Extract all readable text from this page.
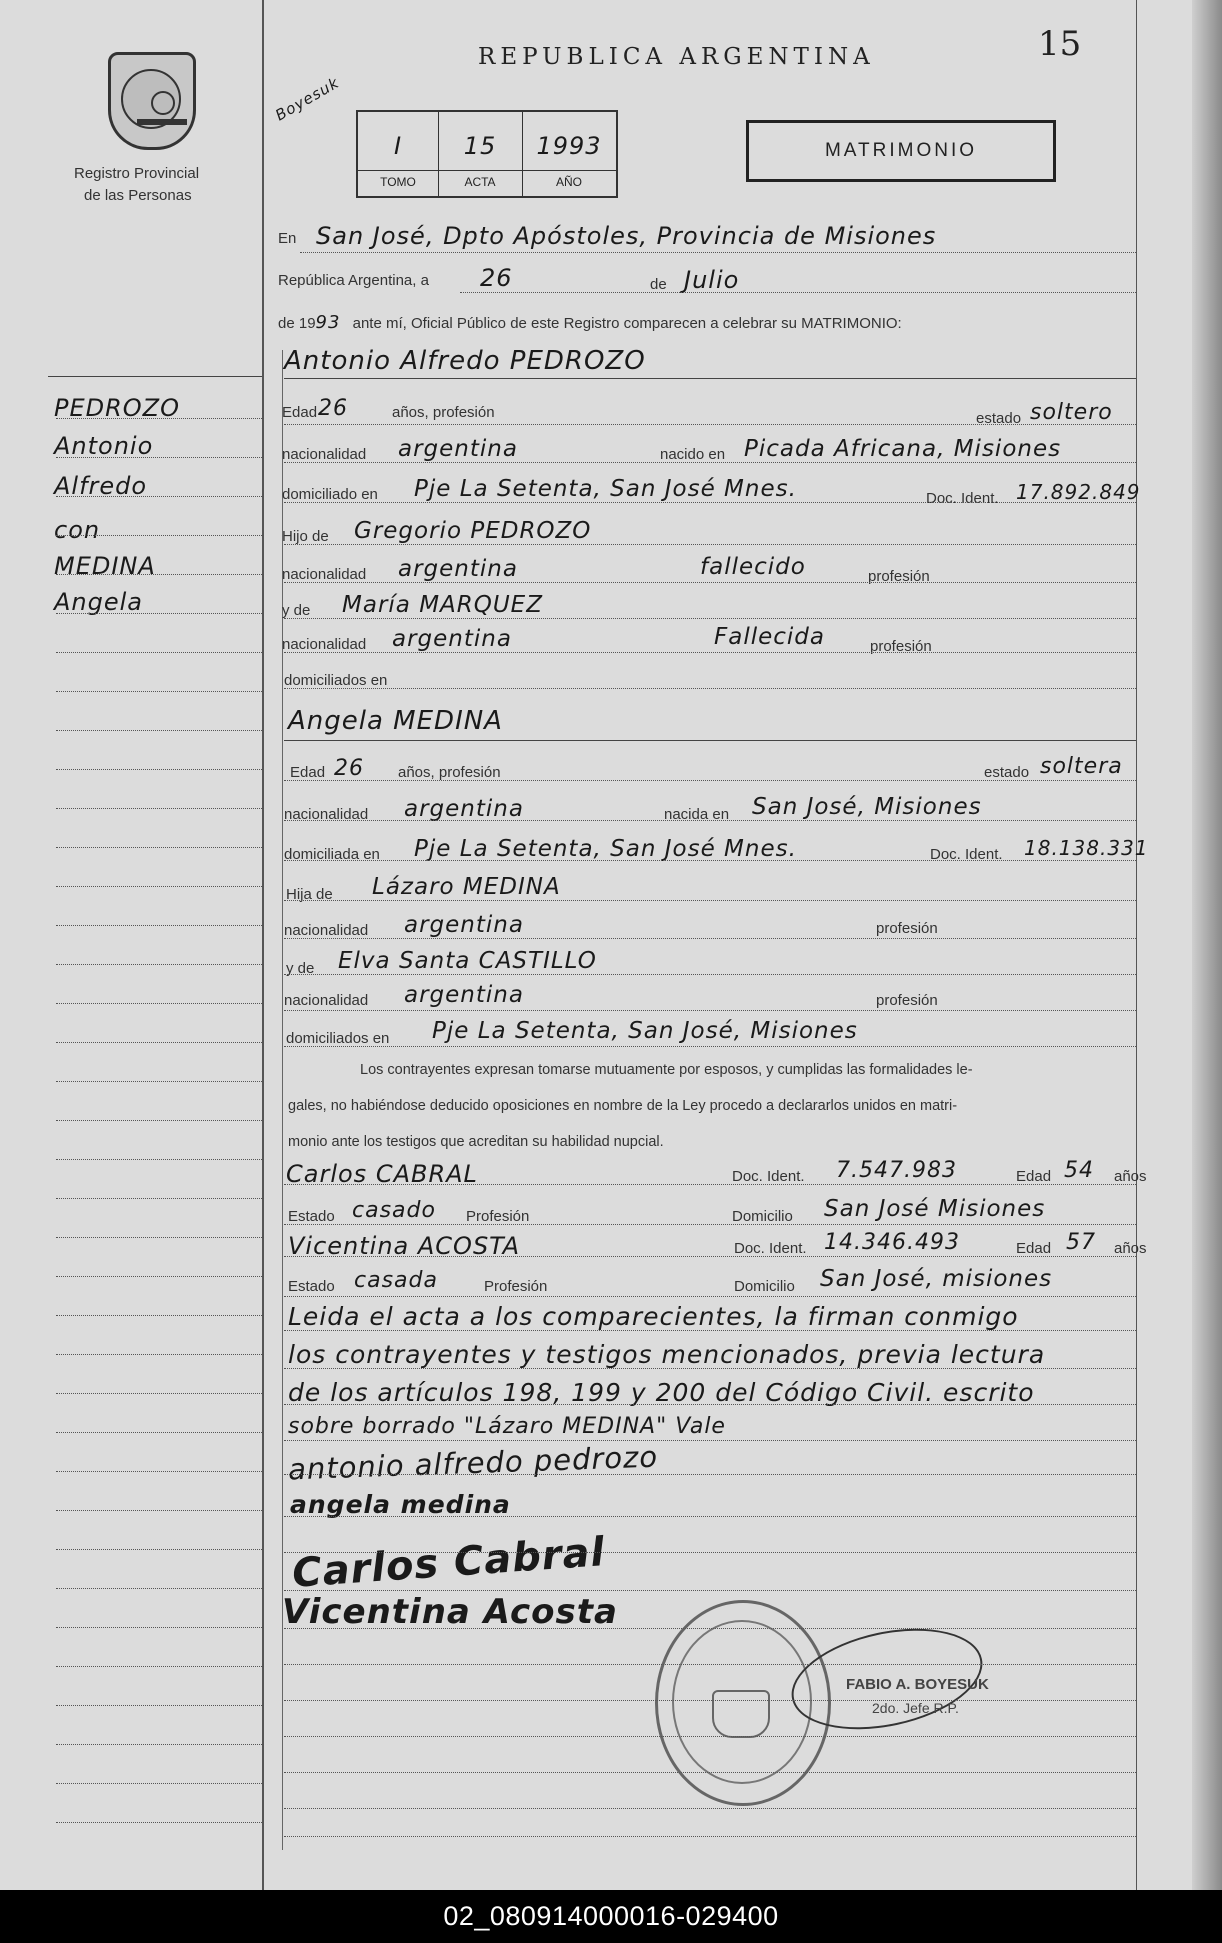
15
Registro Provincial
de las Personas
REPUBLICA ARGENTINA
Boyesuk
I
TOMO
15
ACTA
1993
AÑO
MATRIMONIO
En San José, Dpto Apóstoles, Provincia de Misiones
República Argentina, a 26	de Julio
de 1993 ante mí, Oficial Público de este Registro comparecen a celebrar su MATRIMONIO:
PEDROZO
Antonio
Alfredo
con
MEDINA
Angela
Antonio Alfredo PEDROZO
Edad 26	años, profesión	estado soltero
nacionalidad argentina	nacido en Picada Africana, Misiones
domiciliado en Pje La Setenta, San José Mnes.	Doc. Ident. 17.892.849
Hijo de Gregorio PEDROZO
nacionalidad argentina	fallecido	profesión
y de María MARQUEZ
nacionalidad argentina	Fallecida	profesión
domiciliados en
Angela MEDINA
Edad 26 años, profesión	estado soltera
nacionalidad argentina	nacida en San José, Misiones
domiciliada en Pje La Setenta, San José Mnes.	Doc. Ident. 18.138.331
Hija de Lázaro MEDINA
nacionalidad argentina	profesión
y de Elva Santa CASTILLO
nacionalidad argentina	profesión
domiciliados en Pje La Setenta, San José, Misiones
Los contrayentes expresan tomarse mutuamente por esposos, y cumplidas las formalidades le-
gales, no habiéndose deducido oposiciones en nombre de la Ley procedo a declararlos unidos en matri-
monio ante los testigos que acreditan su habilidad nupcial.
Carlos CABRAL	Doc. Ident. 7.547.983	Edad 54 años
Estado casado Profesión	Domicilio San José Misiones
Vicentina ACOSTA	Doc. Ident. 14.346.493	Edad 57 años
Estado casada	Profesión	Domicilio San José, misiones
Leida el acta a los comparecientes, la firman conmigo
los contrayentes y testigos mencionados, previa lectura
de los artículos 198, 199 y 200 del Código Civil. escrito
sobre borrado "Lázaro MEDINA" Vale
antonio alfredo pedrozo
angela medina
Carlos Cabral
Vicentina Acosta
FABIO A. BOYESUK
2do. Jefe R.P.
02_080914000016-029400
